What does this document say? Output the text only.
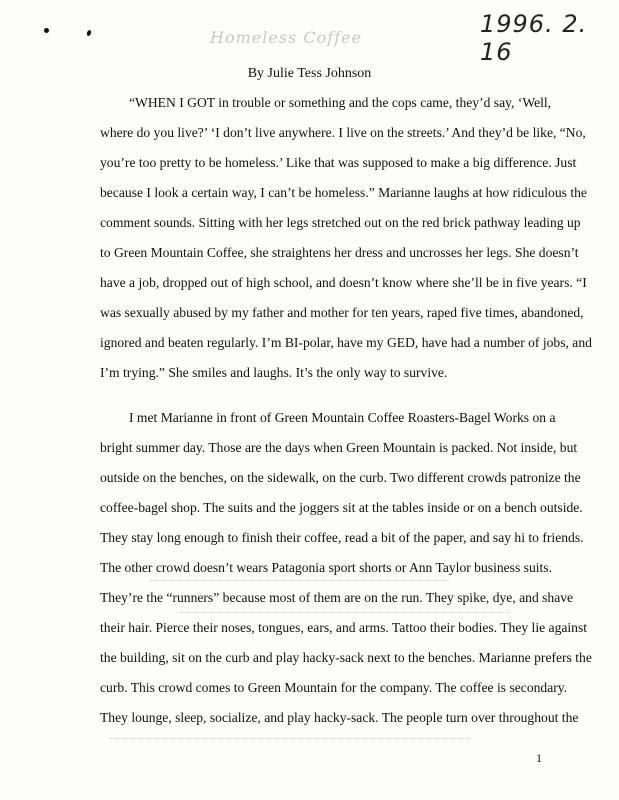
1996. 2. 16
Homeless Coffee
By Julie Tess Johnson
“WHEN I GOT in trouble or something and the cops came, they’d say, ‘Well,
where do you live?’ ‘I don’t live anywhere. I live on the streets.’ And they’d be like, “No,
you’re too pretty to be homeless.’ Like that was supposed to make a big difference. Just
because I look a certain way, I can’t be homeless.” Marianne laughs at how ridiculous the
comment sounds. Sitting with her legs stretched out on the red brick pathway leading up
to Green Mountain Coffee, she straightens her dress and uncrosses her legs. She doesn’t
have a job, dropped out of high school, and doesn’t know where she’ll be in five years. “I
was sexually abused by my father and mother for ten years, raped five times, abandoned,
ignored and beaten regularly. I’m BI-polar, have my GED, have had a number of jobs, and
I’m trying.” She smiles and laughs. It’s the only way to survive.
I met Marianne in front of Green Mountain Coffee Roasters-Bagel Works on a
bright summer day. Those are the days when Green Mountain is packed. Not inside, but
outside on the benches, on the sidewalk, on the curb. Two different crowds patronize the
coffee-bagel shop. The suits and the joggers sit at the tables inside or on a bench outside.
They stay long enough to finish their coffee, read a bit of the paper, and say hi to friends.
The other crowd doesn’t wears Patagonia sport shorts or Ann Taylor business suits.
They’re the “runners” because most of them are on the run. They spike, dye, and shave
their hair. Pierce their noses, tongues, ears, and arms. Tattoo their bodies. They lie against
the building, sit on the curb and play hacky-sack next to the benches. Marianne prefers the
curb. This crowd comes to Green Mountain for the company. The coffee is secondary.
They lounge, sleep, socialize, and play hacky-sack. The people turn over throughout the
1
